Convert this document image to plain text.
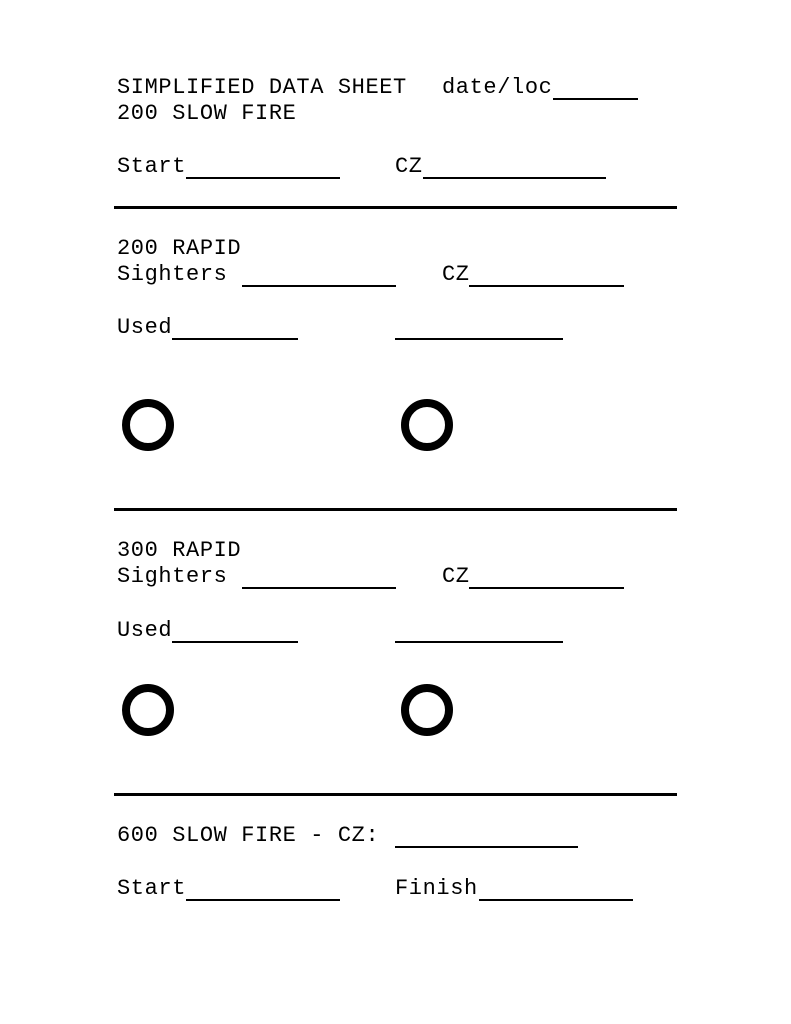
SIMPLIFIED DATA SHEET date/loc
200 SLOW FIRE
Start	CZ
200 RAPID
Sighters	CZ
Used
300 RAPID
Sighters	CZ
Used
600 SLOW FIRE - CZ:
Start	Finish
